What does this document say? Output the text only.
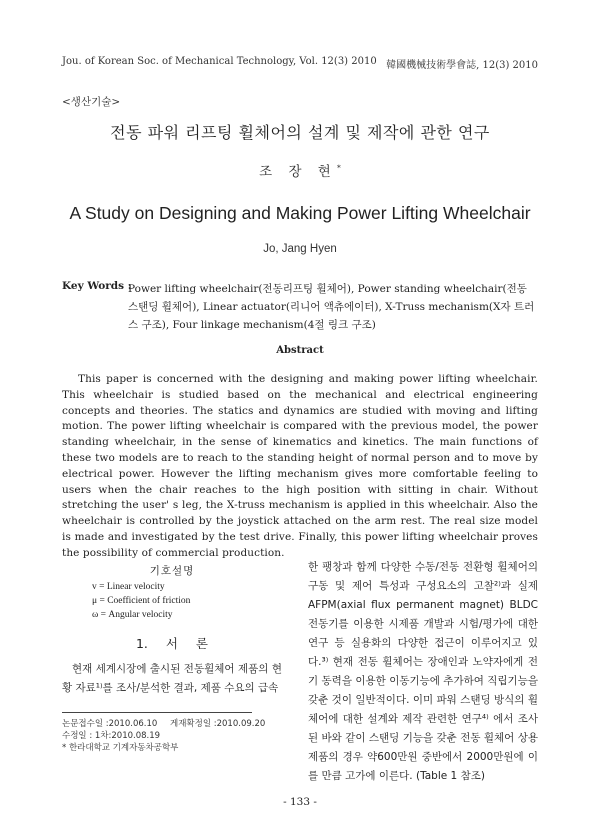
Jou. of Korean Soc. of Mechanical Technology, Vol. 12(3) 2010 韓國機械技術學會誌, 12(3) 2010
<생산기술>
전동 파워 리프팅 휠체어의 설계 및 제작에 관한 연구
조 장 현*
A Study on Designing and Making Power Lifting Wheelchair
Jo, Jang Hyen
Key Words :
Power lifting wheelchair(전동리프팅 휠체어), Power standing wheelchair(전동 스탠딩 휠체어), Linear actuator(리니어 액츄에이터), X-Truss mechanism(X자 트러스 구조), Four linkage mechanism(4절 링크 구조)
Abstract
This paper is concerned with the designing and making power lifting wheelchair. This wheelchair is studied based on the mechanical and electrical engineering concepts and theories. The statics and dynamics are studied with moving and lifting motion. The power lifting wheelchair is compared with the previous model, the power standing wheelchair, in the sense of kinematics and kinetics. The main functions of these two models are to reach to the standing height of normal person and to move by electrical power. However the lifting mechanism gives more comfortable feeling to users when the chair reaches to the high position with sitting in chair. Without stretching the user' s leg, the X-truss mechanism is applied in this wheelchair. Also the wheelchair is controlled by the joystick attached on the arm rest. The real size model is made and investigated by the test drive. Finally, this power lifting wheelchair proves the possibility of commercial production.
기호설명
v = Linear velocity
μ = Coefficient of friction
ω = Angular velocity
1. 서 론
현재 세계시장에 출시된 전동휠체어 제품의 현황 자료¹⁾를 조사/분석한 결과, 제품 수요의 급속
논문접수일 :2010.06.10 게재확정일 :2010.09.20
수정일 : 1차:2010.08.19
* 한라대학교 기계자동차공학부
한 팽창과 함께 다양한 수동/전동 전환형 휠체어의 구동 및 제어 특성과 구성요소의 고찰²⁾과 실제 AFPM(axial flux permanent magnet) BLDC 전동기를 이용한 시제품 개발과 시험/평가에 대한 연구 등 실용화의 다양한 접근이 이루어지고 있다.³⁾ 현재 전동 휠체어는 장애인과 노약자에게 전기 동력을 이용한 이동기능에 추가하여 직립기능을 갖춘 것이 일반적이다. 이미 파워 스탠딩 방식의 휠체어에 대한 설계와 제작 관련한 연구⁴⁾ 에서 조사된 바와 같이 스탠딩 기능을 갖춘 전동 휠체어 상용제품의 경우 약600만원 중반에서 2000만원에 이를 만큼 고가에 이른다. (Table 1 참조)
- 133 -
